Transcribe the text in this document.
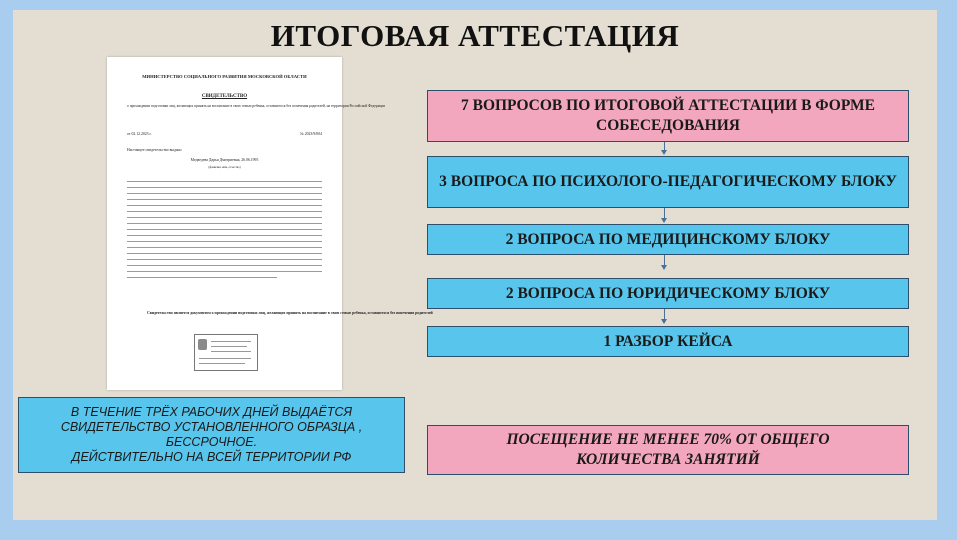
ИТОГОВАЯ АТТЕСТАЦИЯ
МИНИСТЕРСТВО СОЦИАЛЬНОГО РАЗВИТИЯ МОСКОВСКОЙ ОБЛАСТИ
СВИДЕТЕЛЬСТВО
о прохождении подготовки лиц, желающих принять на воспитание в свою семью ребенка, оставшегося без попечения родителей, на территории Российской Федерации
от 02.12.2023 г.	№ 2023/9/004
Настоящее свидетельство выдано
Медведева Дарья Дмитриевна, 26.06.1995
(фамилия, имя, отчество)
Свидетельство является документом о прохождении подготовки лиц, желающих принять на воспитание в свою семью ребенка, оставшегося без попечения родителей
7 ВОПРОСОВ ПО ИТОГОВОЙ АТТЕСТАЦИИ В ФОРМЕ СОБЕСЕДОВАНИЯ
3 ВОПРОСА ПО ПСИХОЛОГО-ПЕДАГОГИЧЕСКОМУ БЛОКУ
2 ВОПРОСА ПО МЕДИЦИНСКОМУ БЛОКУ
2 ВОПРОСА ПО ЮРИДИЧЕСКОМУ БЛОКУ
1 РАЗБОР КЕЙСА
В ТЕЧЕНИЕ ТРЁХ РАБОЧИХ ДНЕЙ ВЫДАЁТСЯ
СВИДЕТЕЛЬСТВО УСТАНОВЛЕННОГО ОБРАЗЦА ,
БЕССРОЧНОЕ.
ДЕЙСТВИТЕЛЬНО НА ВСЕЙ ТЕРРИТОРИИ РФ
ПОСЕЩЕНИЕ НЕ МЕНЕЕ 70% ОТ ОБЩЕГО КОЛИЧЕСТВА ЗАНЯТИЙ
